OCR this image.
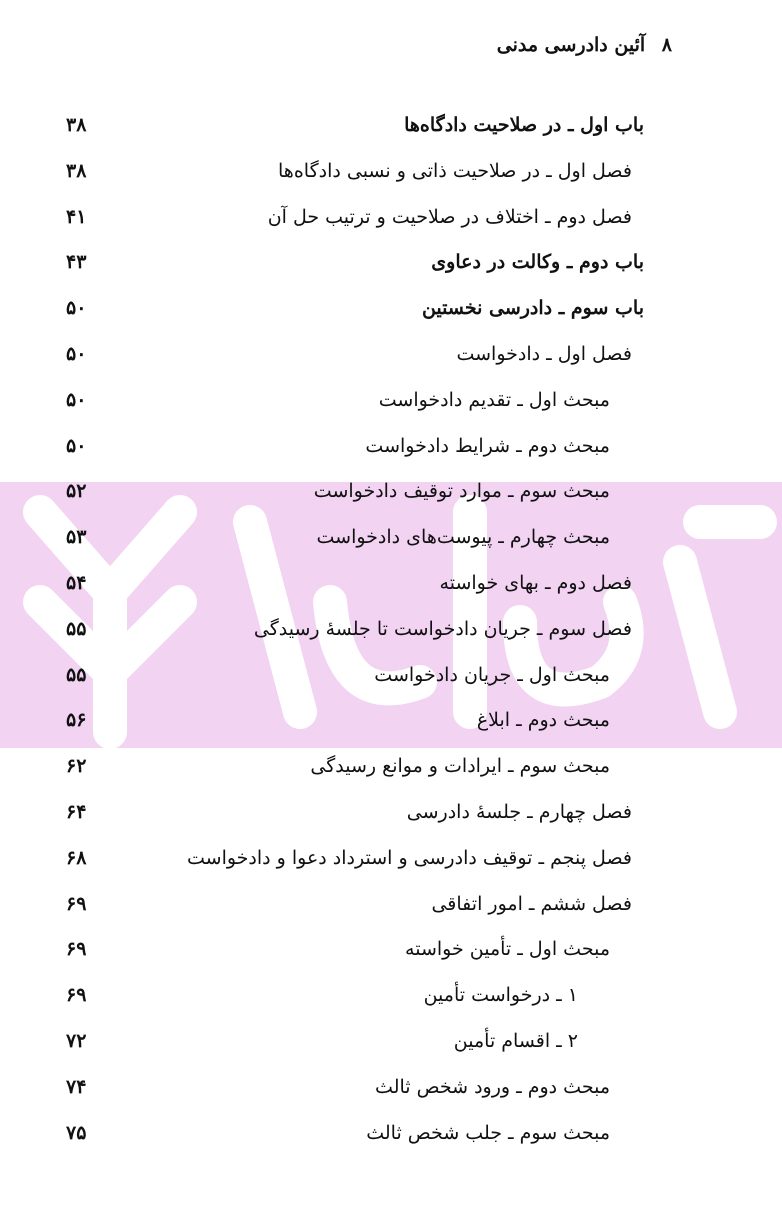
۸ آئین دادرسی مدنی
باب اول ـ در صلاحیت دادگاه‌ها
۳۸
فصل اول ـ در صلاحیت ذاتی و نسبی دادگاه‌ها
۳۸
فصل دوم ـ اختلاف در صلاحیت و ترتیب حل آن
۴۱
باب دوم ـ وکالت در دعاوی
۴۳
باب سوم ـ دادرسی نخستین
۵۰
فصل اول ـ دادخواست
۵۰
مبحث اول ـ تقدیم دادخواست
۵۰
مبحث دوم ـ شرایط دادخواست
۵۰
مبحث سوم ـ موارد توقیف دادخواست
۵۲
مبحث چهارم ـ پیوست‌های دادخواست
۵۳
فصل دوم ـ بهای خواسته
۵۴
فصل سوم ـ جریان دادخواست تا جلسهٔ رسیدگی
۵۵
مبحث اول ـ جریان دادخواست
۵۵
مبحث دوم ـ ابلاغ
۵۶
مبحث سوم ـ ایرادات و موانع رسیدگی
۶۲
فصل چهارم ـ جلسهٔ دادرسی
۶۴
فصل پنجم ـ توقیف دادرسی و استرداد دعوا و دادخواست
۶۸
فصل ششم ـ امور اتفاقی
۶۹
مبحث اول ـ تأمین خواسته
۶۹
۱ ـ درخواست تأمین
۶۹
۲ ـ اقسام تأمین
۷۲
مبحث دوم ـ ورود شخص ثالث
۷۴
مبحث سوم ـ جلب شخص ثالث
۷۵
